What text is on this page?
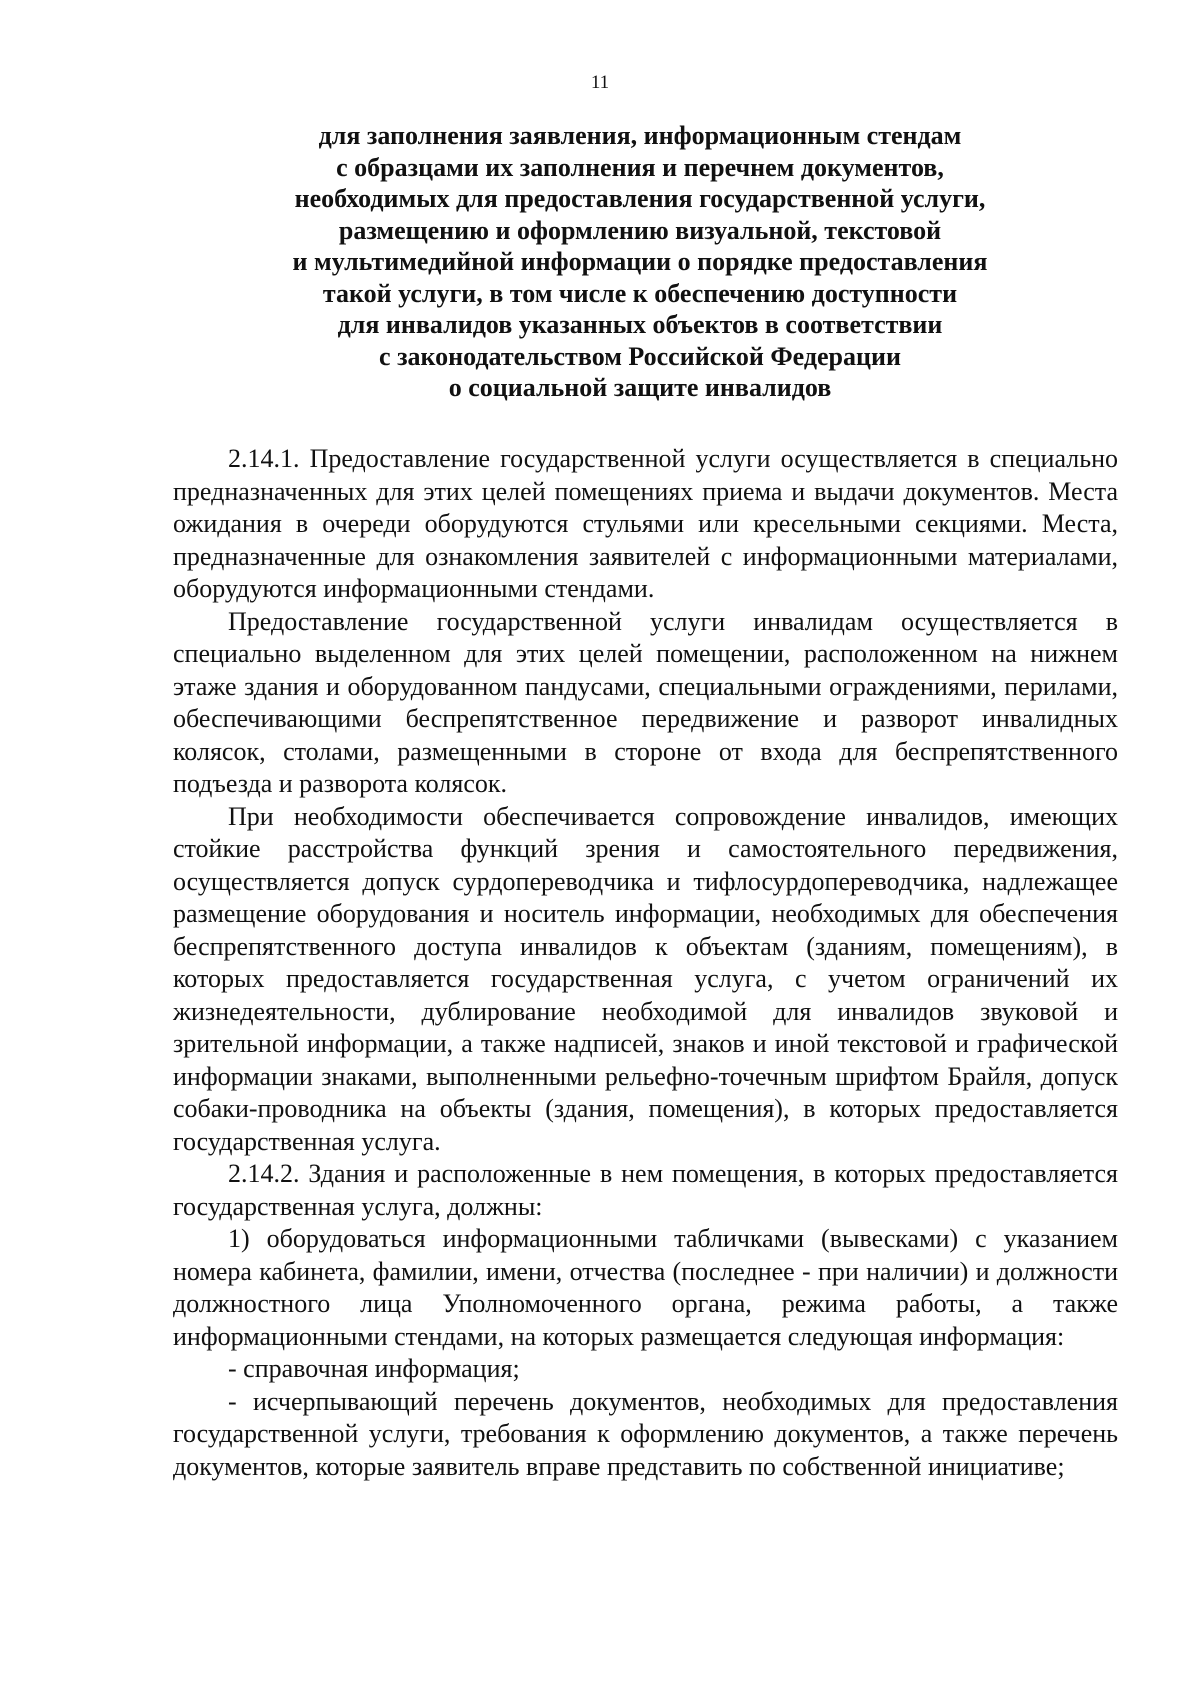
11
для заполнения заявления, информационным стендам
с образцами их заполнения и перечнем документов,
необходимых для предоставления государственной услуги,
размещению и оформлению визуальной, текстовой
и мультимедийной информации о порядке предоставления
такой услуги, в том числе к обеспечению доступности
для инвалидов указанных объектов в соответствии
с законодательством Российской Федерации
о социальной защите инвалидов

2.14.1. Предоставление государственной услуги осуществляется в специально предназначенных для этих целей помещениях приема и выдачи документов. Места ожидания в очереди оборудуются стульями или кресельными секциями. Места, предназначенные для ознакомления заявителей с информационными материалами, оборудуются информационными стендами.

Предоставление государственной услуги инвалидам осуществляется в специально выделенном для этих целей помещении, расположенном на нижнем этаже здания и оборудованном пандусами, специальными ограждениями, перилами, обеспечивающими беспрепятственное передвижение и разворот инвалидных колясок, столами, размещенными в стороне от входа для беспрепятственного подъезда и разворота колясок.

При необходимости обеспечивается сопровождение инвалидов, имеющих стойкие расстройства функций зрения и самостоятельного передвижения, осуществляется допуск сурдопереводчика и тифлосурдопереводчика, надлежащее размещение оборудования и носитель информации, необходимых для обеспечения беспрепятственного доступа инвалидов к объектам (зданиям, помещениям), в которых предоставляется государственная услуга, с учетом ограничений их жизнедеятельности, дублирование необходимой для инвалидов звуковой и зрительной информации, а также надписей, знаков и иной текстовой и графической информации знаками, выполненными рельефно-точечным шрифтом Брайля, допуск собаки-проводника на объекты (здания, помещения), в которых предоставляется государственная услуга.

2.14.2. Здания и расположенные в нем помещения, в которых предоставляется государственная услуга, должны:

1) оборудоваться информационными табличками (вывесками) с указанием номера кабинета, фамилии, имени, отчества (последнее - при наличии) и должности должностного лица Уполномоченного органа, режима работы, а также информационными стендами, на которых размещается следующая информация:

- справочная информация;

- исчерпывающий перечень документов, необходимых для предоставления государственной услуги, требования к оформлению документов, а также перечень документов, которые заявитель вправе представить по собственной инициативе;
